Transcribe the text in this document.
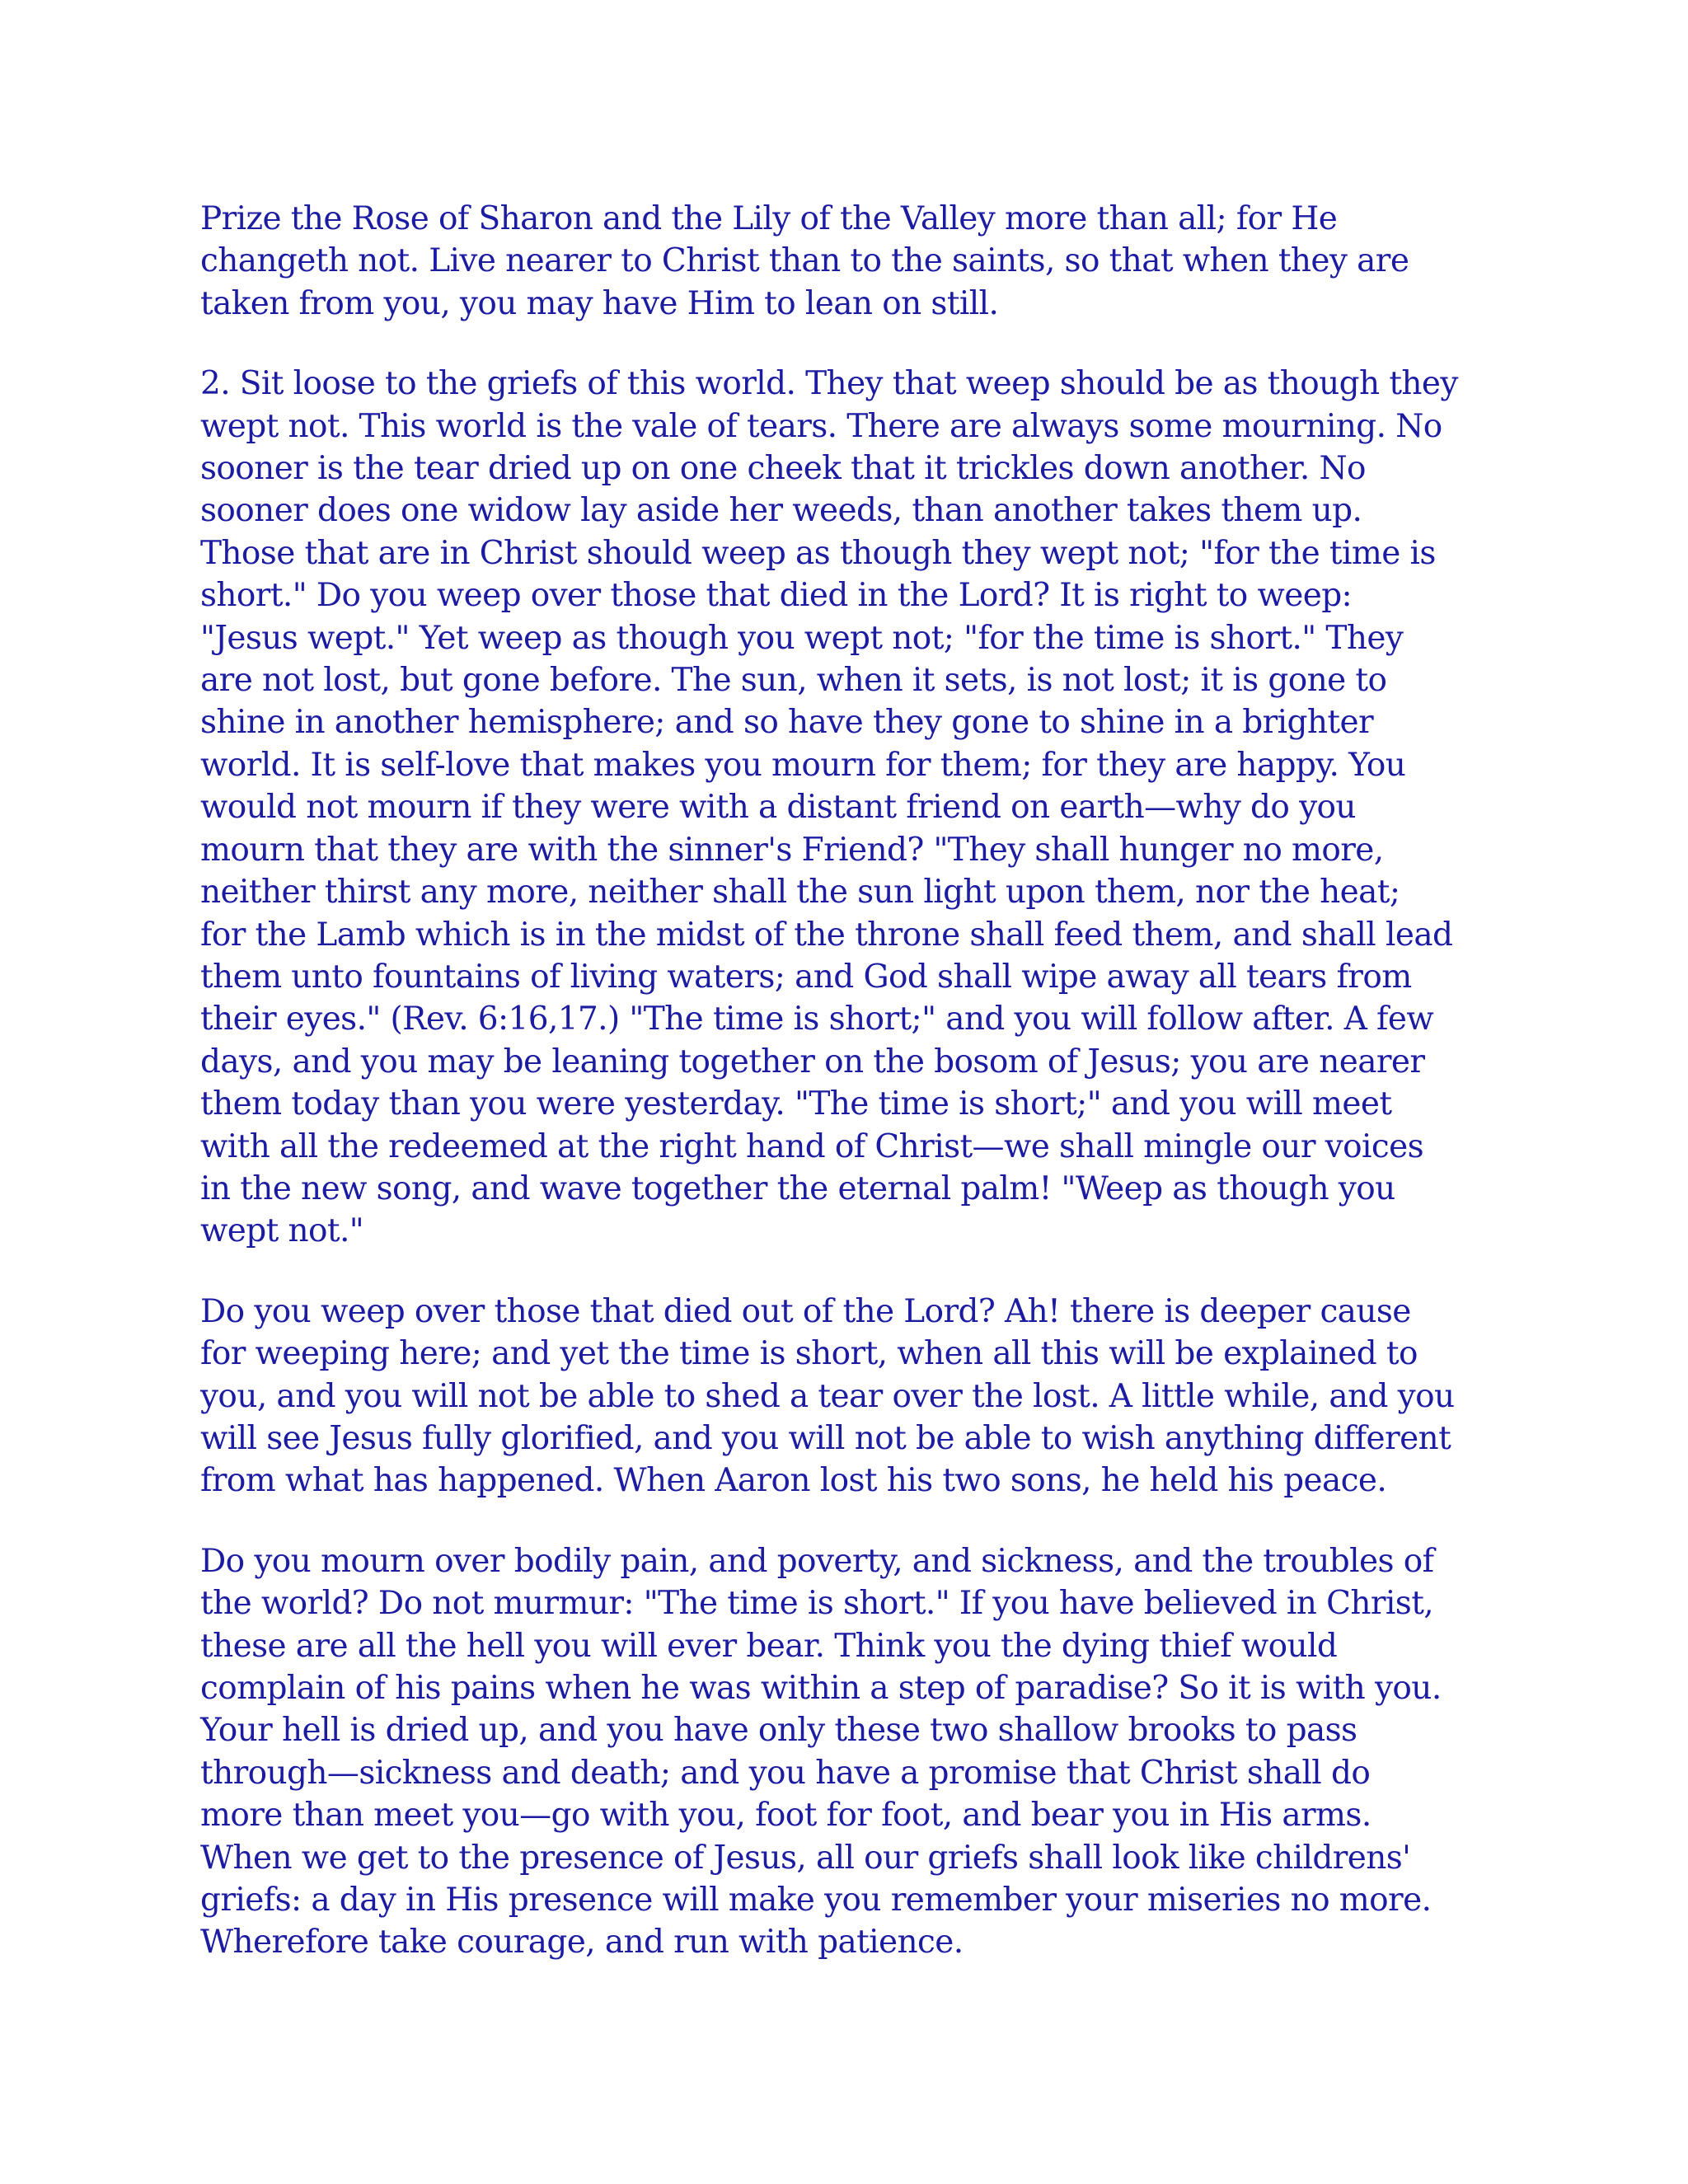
Prize the Rose of Sharon and the Lily of the Valley more than all; for He
changeth not. Live nearer to Christ than to the saints, so that when they are
taken from you, you may have Him to lean on still.

2. Sit loose to the griefs of this world. They that weep should be as though they
wept not. This world is the vale of tears. There are always some mourning. No
sooner is the tear dried up on one cheek that it trickles down another. No
sooner does one widow lay aside her weeds, than another takes them up.
Those that are in Christ should weep as though they wept not; "for the time is
short." Do you weep over those that died in the Lord? It is right to weep:
"Jesus wept." Yet weep as though you wept not; "for the time is short." They
are not lost, but gone before. The sun, when it sets, is not lost; it is gone to
shine in another hemisphere; and so have they gone to shine in a brighter
world. It is self-love that makes you mourn for them; for they are happy. You
would not mourn if they were with a distant friend on earth—why do you
mourn that they are with the sinner's Friend? "They shall hunger no more,
neither thirst any more, neither shall the sun light upon them, nor the heat;
for the Lamb which is in the midst of the throne shall feed them, and shall lead
them unto fountains of living waters; and God shall wipe away all tears from
their eyes." (Rev. 6:16,17.) "The time is short;" and you will follow after. A few
days, and you may be leaning together on the bosom of Jesus; you are nearer
them today than you were yesterday. "The time is short;" and you will meet
with all the redeemed at the right hand of Christ—we shall mingle our voices
in the new song, and wave together the eternal palm! "Weep as though you
wept not."

Do you weep over those that died out of the Lord? Ah! there is deeper cause
for weeping here; and yet the time is short, when all this will be explained to
you, and you will not be able to shed a tear over the lost. A little while, and you
will see Jesus fully glorified, and you will not be able to wish anything different
from what has happened. When Aaron lost his two sons, he held his peace.

Do you mourn over bodily pain, and poverty, and sickness, and the troubles of
the world? Do not murmur: "The time is short." If you have believed in Christ,
these are all the hell you will ever bear. Think you the dying thief would
complain of his pains when he was within a step of paradise? So it is with you.
Your hell is dried up, and you have only these two shallow brooks to pass
through—sickness and death; and you have a promise that Christ shall do
more than meet you—go with you, foot for foot, and bear you in His arms.
When we get to the presence of Jesus, all our griefs shall look like childrens'
griefs: a day in His presence will make you remember your miseries no more.
Wherefore take courage, and run with patience.
